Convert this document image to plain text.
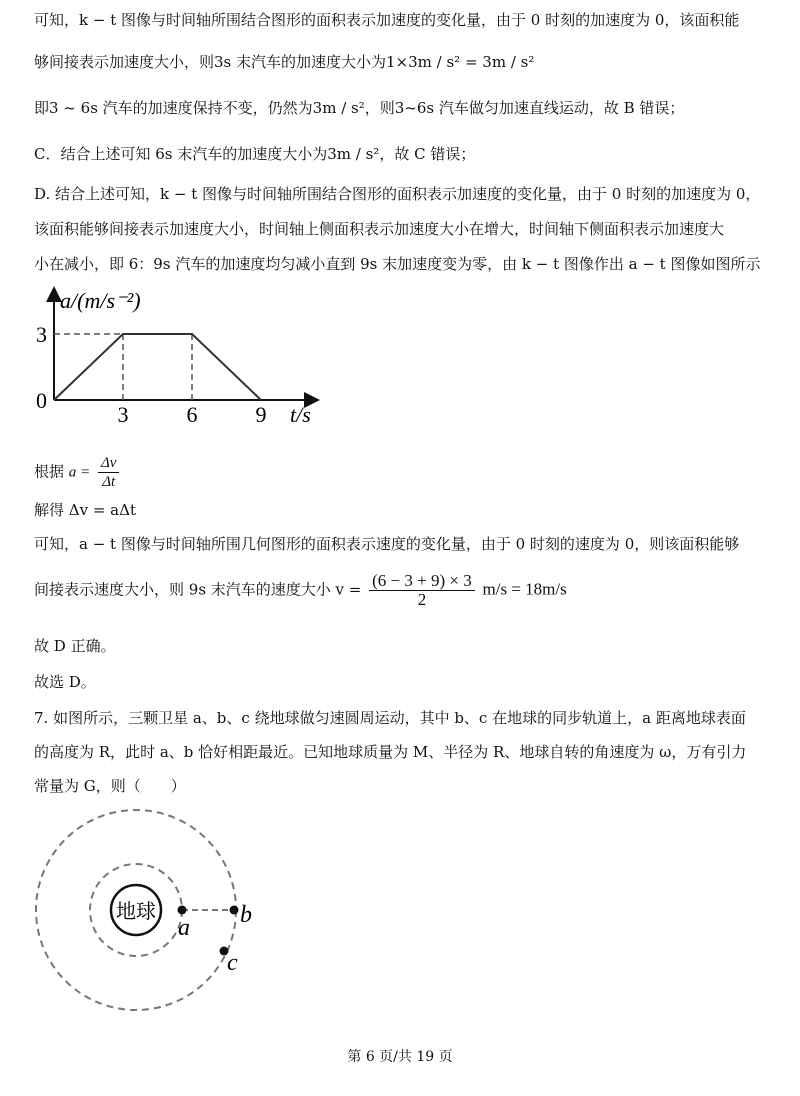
可知，k − t 图像与时间轴所围结合图形的面积表示加速度的变化量，由于 0 时刻的加速度为 0，该面积能
够间接表示加速度大小，则3s 末汽车的加速度大小为1×3m / s² = 3m / s²
即3 ~ 6s 汽车的加速度保持不变，仍然为3m / s²，则3~6s 汽车做匀加速直线运动，故 B 错误；
C．结合上述可知 6s 末汽车的加速度大小为3m / s²，故 C 错误；
D. 结合上述可知，k − t 图像与时间轴所围结合图形的面积表示加速度的变化量，由于 0 时刻的加速度为 0，
该面积能够间接表示加速度大小，时间轴上侧面积表示加速度大小在增大，时间轴下侧面积表示加速度大
小在减小，即 6：9s 汽车的加速度均匀减小直到 9s 末加速度变为零，由 k − t 图像作出 a − t 图像如图所示
a/(m/s⁻²)
t/s
0
3
3	6	9
根据 $a = \frac{\Delta v}{\Delta t}$
解得 Δv = aΔt
可知，a − t 图像与时间轴所围几何图形的面积表示速度的变化量，由于 0 时刻的速度为 0，则该面积能够
间接表示速度大小，则 9s 末汽车的速度大小 $v = \frac{(6 - 3 + 9) \times 3}{2} m/s = 18m/s$
故 D 正确。
故选 D。
7. 如图所示，三颗卫星 a、b、c 绕地球做匀速圆周运动，其中 b、c 在地球的同步轨道上，a 距离地球表面
的高度为 R，此时 a、b 恰好相距最近。已知地球质量为 M、半径为 R、地球自转的角速度为 ω，万有引力
常量为 G，则（　　）
地球
a b
c
第 6 页/共 19 页
